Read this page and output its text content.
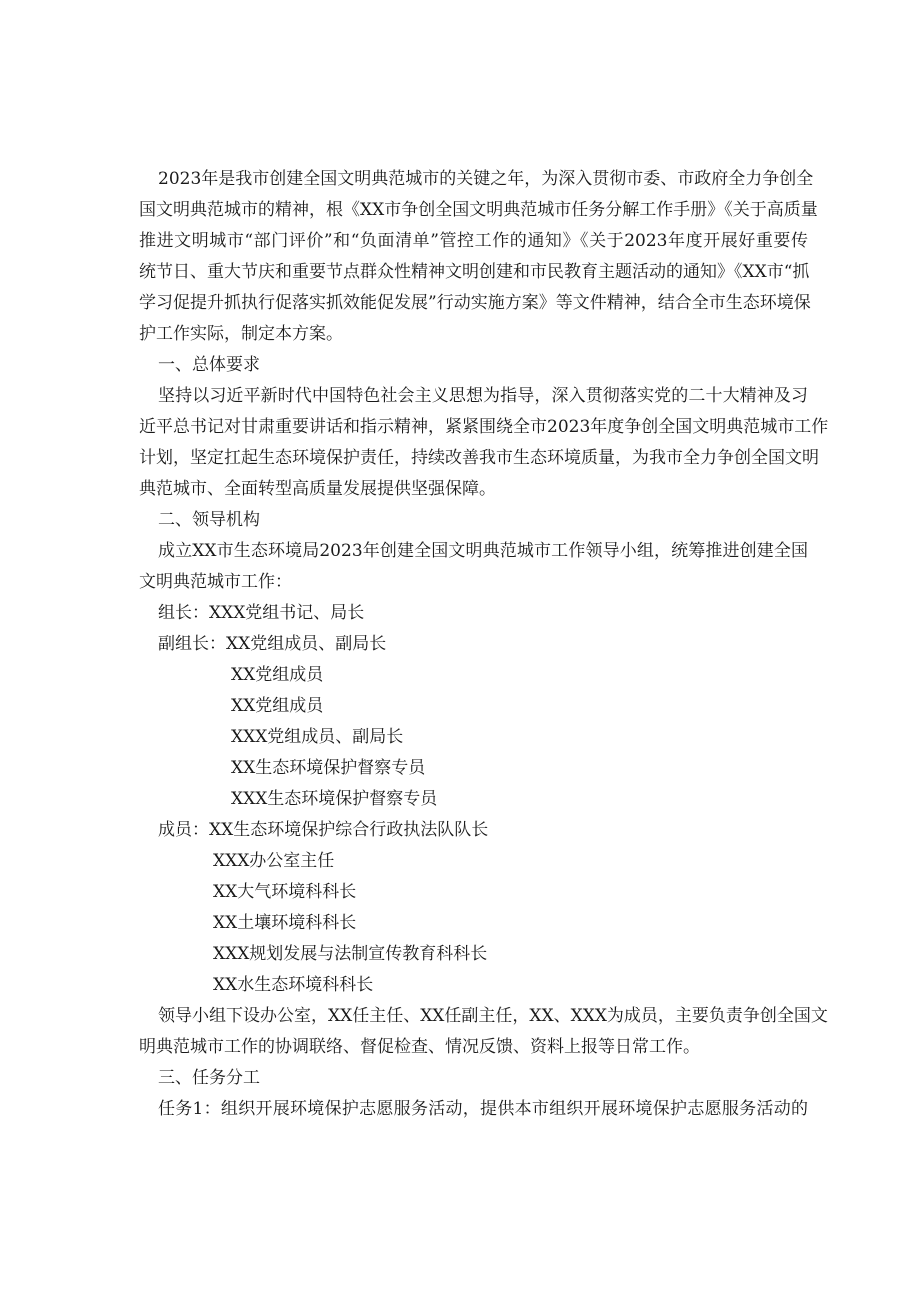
2023年是我市创建全国文明典范城市的关键之年，为深入贯彻市委、市政府全力争创全
国文明典范城市的精神，根《XX市争创全国文明典范城市任务分解工作手册》《关于高质量
推进文明城市“部门评价”和“负面清单”管控工作的通知》《关于2023年度开展好重要传
统节日、重大节庆和重要节点群众性精神文明创建和市民教育主题活动的通知》《XX市“抓
学习促提升抓执行促落实抓效能促发展”行动实施方案》等文件精神，结合全市生态环境保
护工作实际，制定本方案。
一、总体要求
坚持以习近平新时代中国特色社会主义思想为指导，深入贯彻落实党的二十大精神及习
近平总书记对甘肃重要讲话和指示精神，紧紧围绕全市2023年度争创全国文明典范城市工作
计划，坚定扛起生态环境保护责任，持续改善我市生态环境质量，为我市全力争创全国文明
典范城市、全面转型高质量发展提供坚强保障。
二、领导机构
成立XX市生态环境局2023年创建全国文明典范城市工作领导小组，统筹推进创建全国
文明典范城市工作：
组长：XXX党组书记、局长
副组长：XX党组成员、副局长
XX党组成员
XX党组成员
XXX党组成员、副局长
XX生态环境保护督察专员
XXX生态环境保护督察专员
成员：XX生态环境保护综合行政执法队队长
XXX办公室主任
XX大气环境科科长
XX土壤环境科科长
XXX规划发展与法制宣传教育科科长
XX水生态环境科科长
领导小组下设办公室，XX任主任、XX任副主任，XX、XXX为成员，主要负责争创全国文
明典范城市工作的协调联络、督促检查、情况反馈、资料上报等日常工作。
三、任务分工
任务1：组织开展环境保护志愿服务活动，提供本市组织开展环境保护志愿服务活动的
